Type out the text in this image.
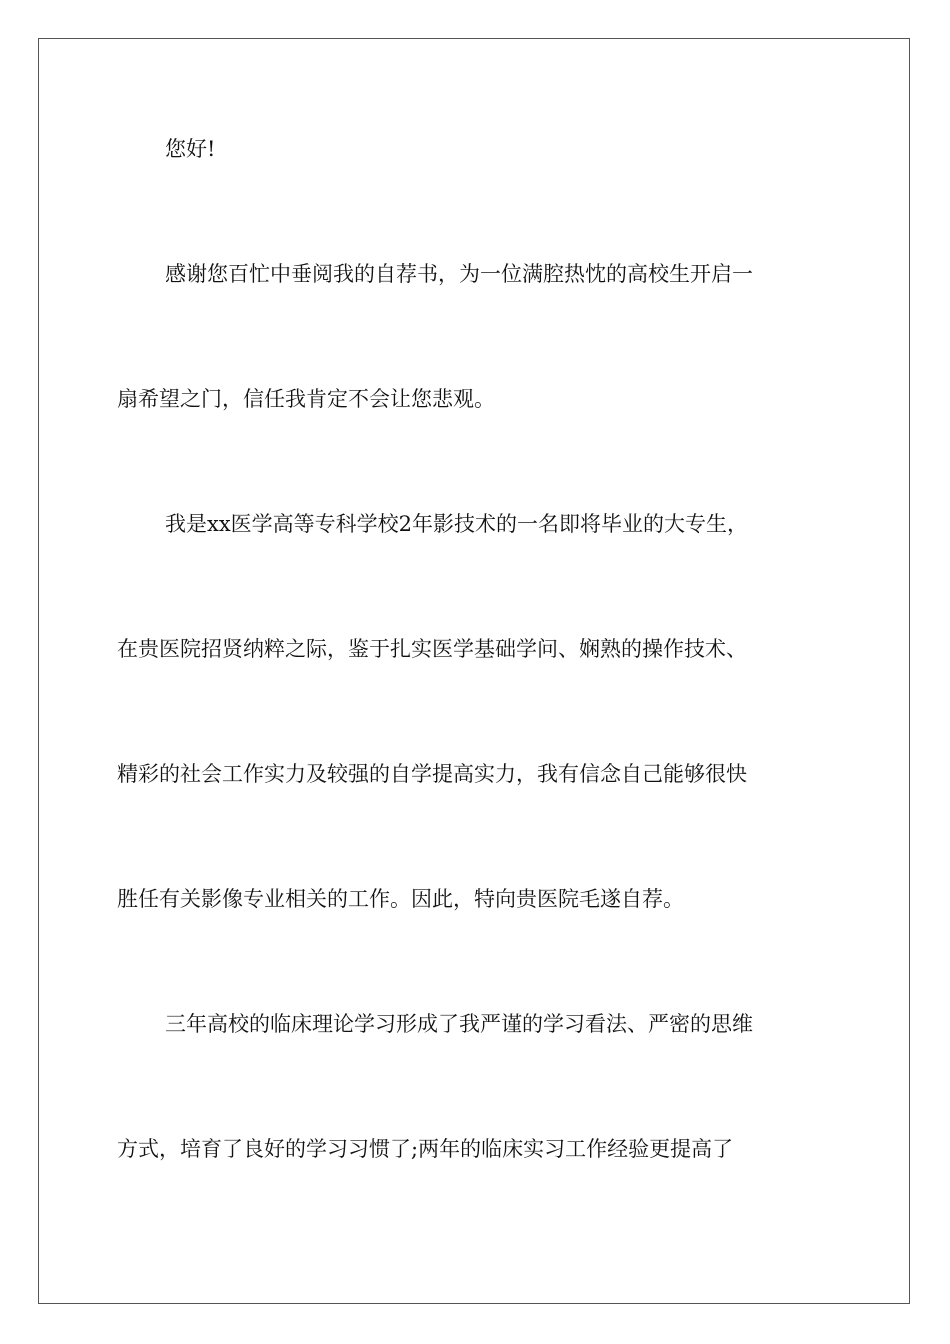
您好!
感谢您百忙中垂阅我的自荐书，为一位满腔热忱的高校生开启一
扇希望之门，信任我肯定不会让您悲观。
我是xx医学高等专科学校2年影技术的一名即将毕业的大专生，
在贵医院招贤纳粹之际，鉴于扎实医学基础学问、娴熟的操作技术、
精彩的社会工作实力及较强的自学提高实力，我有信念自己能够很快
胜任有关影像专业相关的工作。因此，特向贵医院毛遂自荐。
三年高校的临床理论学习形成了我严谨的学习看法、严密的思维
方式，培育了良好的学习习惯了;两年的临床实习工作经验更提高了
